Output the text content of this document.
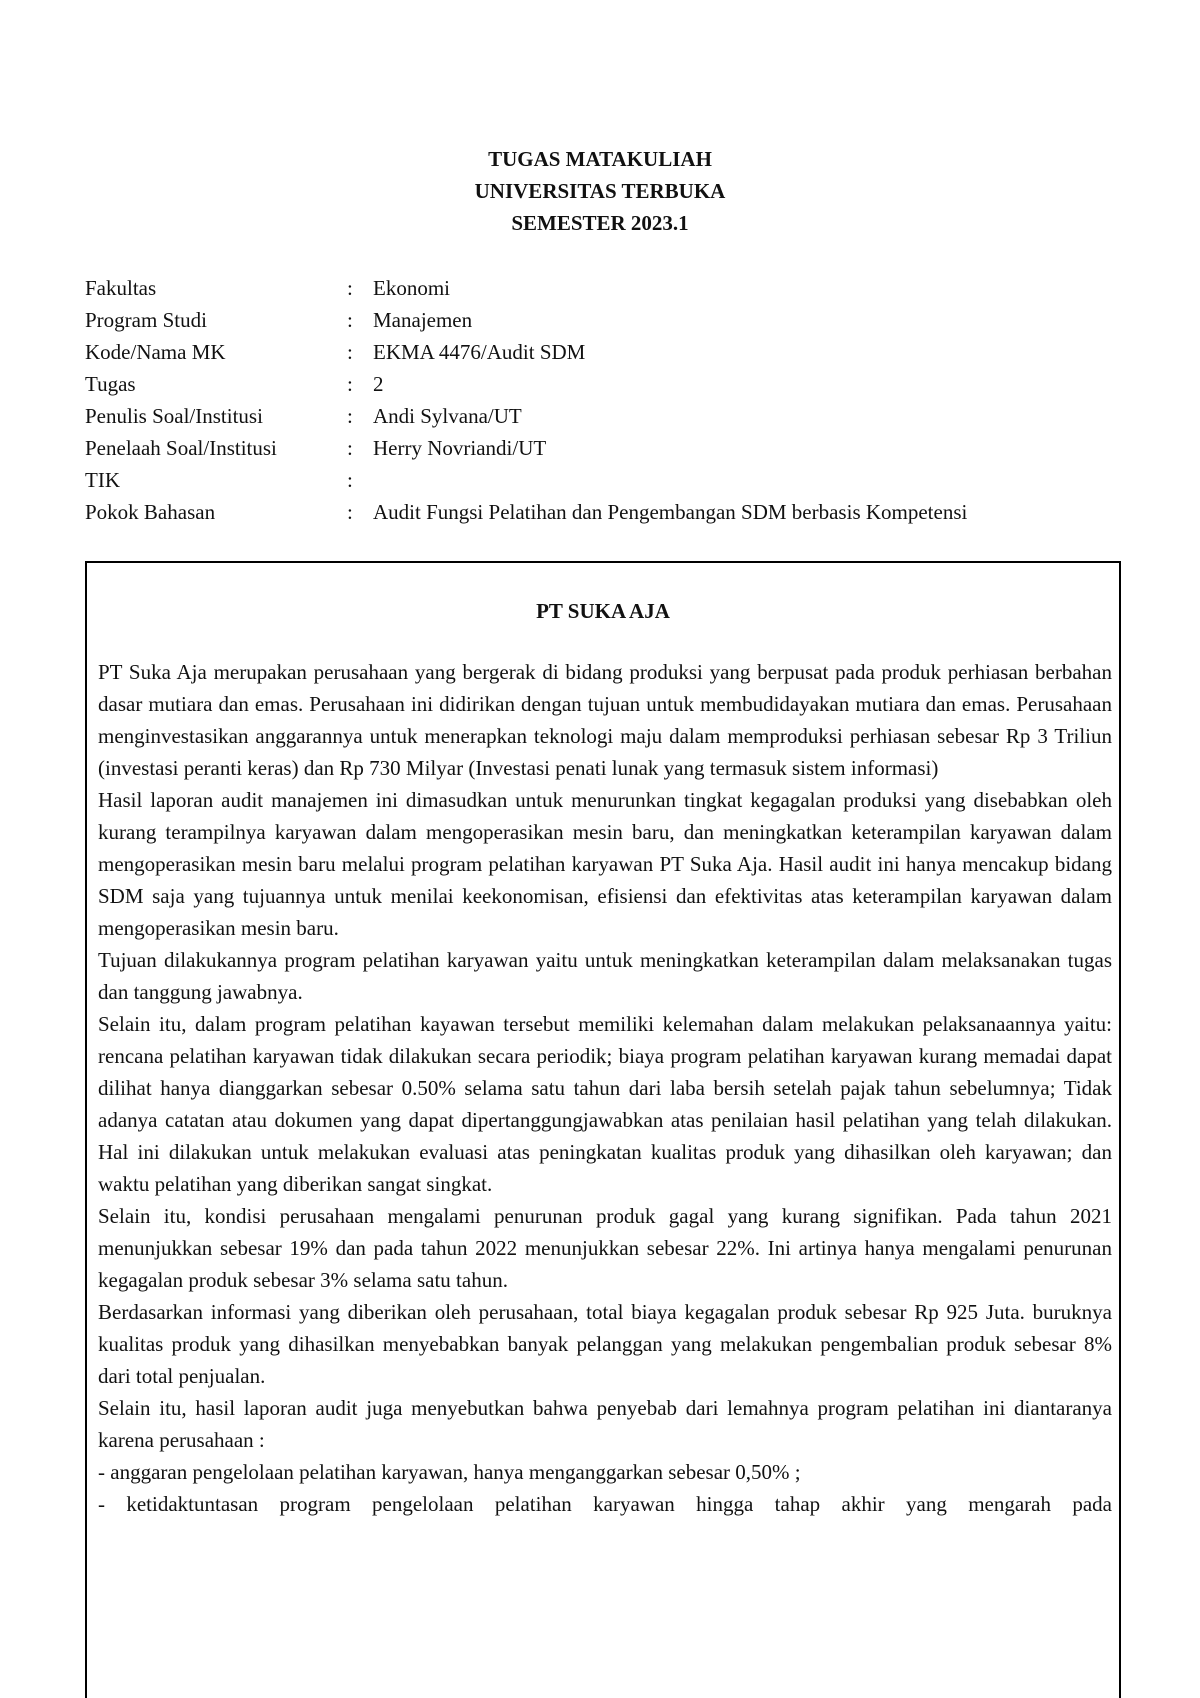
TUGAS MATAKULIAH
UNIVERSITAS TERBUKA
SEMESTER 2023.1
Fakultas	: Ekonomi
Program Studi	: Manajemen
Kode/Nama MK	: EKMA 4476/Audit SDM
Tugas	: 2
Penulis Soal/Institusi	: Andi Sylvana/UT
Penelaah Soal/Institusi	: Herry Novriandi/UT
TIK	:
Pokok Bahasan	: Audit Fungsi Pelatihan dan Pengembangan SDM berbasis Kompetensi
PT SUKA AJA

PT Suka Aja merupakan perusahaan yang bergerak di bidang produksi yang berpusat pada produk perhiasan berbahan dasar mutiara dan emas. Perusahaan ini didirikan dengan tujuan untuk membudidayakan mutiara dan emas. Perusahaan menginvestasikan anggarannya untuk menerapkan teknologi maju dalam memproduksi perhiasan sebesar Rp 3 Triliun (investasi peranti keras) dan Rp 730 Milyar (Investasi penati lunak yang termasuk sistem informasi)

Hasil laporan audit manajemen ini dimasudkan untuk menurunkan tingkat kegagalan produksi yang disebabkan oleh kurang terampilnya karyawan dalam mengoperasikan mesin baru, dan meningkatkan keterampilan karyawan dalam mengoperasikan mesin baru melalui program pelatihan karyawan PT Suka Aja. Hasil audit ini hanya mencakup bidang SDM saja yang tujuannya untuk menilai keekonomisan, efisiensi dan efektivitas atas keterampilan karyawan dalam mengoperasikan mesin baru.

Tujuan dilakukannya program pelatihan karyawan yaitu untuk meningkatkan keterampilan dalam melaksanakan tugas dan tanggung jawabnya.

Selain itu, dalam program pelatihan kayawan tersebut memiliki kelemahan dalam melakukan pelaksanaannya yaitu: rencana pelatihan karyawan tidak dilakukan secara periodik; biaya program pelatihan karyawan kurang memadai dapat dilihat hanya dianggarkan sebesar 0.50% selama satu tahun dari laba bersih setelah pajak tahun sebelumnya; Tidak adanya catatan atau dokumen yang dapat dipertanggungjawabkan atas penilaian hasil pelatihan yang telah dilakukan. Hal ini dilakukan untuk melakukan evaluasi atas peningkatan kualitas produk yang dihasilkan oleh karyawan; dan waktu pelatihan yang diberikan sangat singkat.

Selain itu, kondisi perusahaan mengalami penurunan produk gagal yang kurang signifikan. Pada tahun 2021 menunjukkan sebesar 19% dan pada tahun 2022 menunjukkan sebesar 22%. Ini artinya hanya mengalami penurunan kegagalan produk sebesar 3% selama satu tahun.

Berdasarkan informasi yang diberikan oleh perusahaan, total biaya kegagalan produk sebesar Rp 925 Juta. buruknya kualitas produk yang dihasilkan menyebabkan banyak pelanggan yang melakukan pengembalian produk sebesar 8% dari total penjualan.

Selain itu, hasil laporan audit juga menyebutkan bahwa penyebab dari lemahnya program pelatihan ini diantaranya karena perusahaan :

- anggaran pengelolaan pelatihan karyawan, hanya menganggarkan sebesar 0,50% ;

- ketidaktuntasan program pengelolaan pelatihan karyawan hingga tahap akhir yang mengarah pada
